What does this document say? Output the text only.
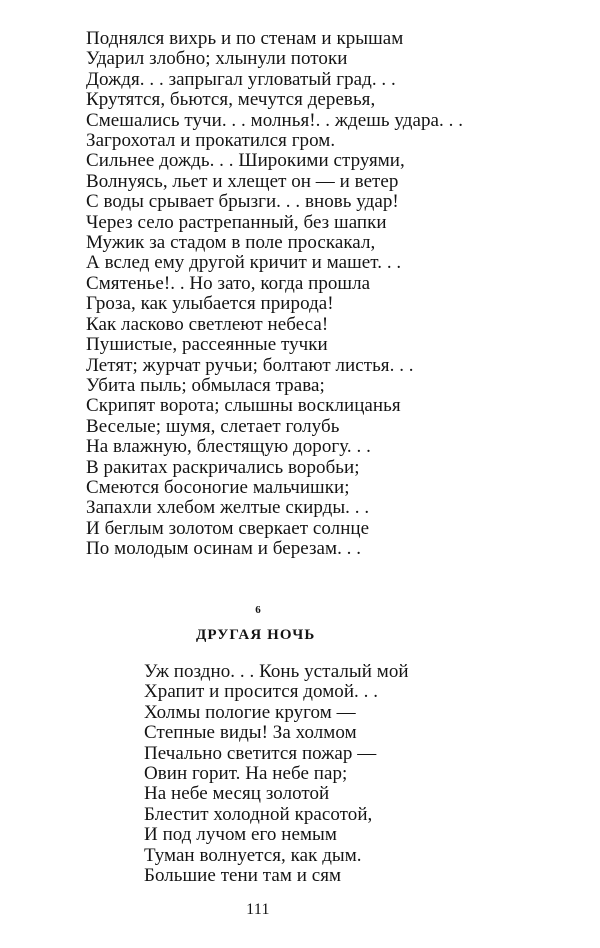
Поднялся вихрь и по стенам и крышам
Ударил злобно; хлынули потоки
Дождя. . . запрыгал угловатый град. . .
Крутятся, бьются, мечутся деревья,
Смешались тучи. . . молнья!. . ждешь удара. . .
Загрохотал и прокатился гром.
Сильнее дождь. . . Широкими струями,
Волнуясь, льет и хлещет он — и ветер
С воды срывает брызги. . . вновь удар!
Через село растрепанный, без шапки
Мужик за стадом в поле проскакал,
А вслед ему другой кричит и машет. . .
Смятенье!. . Но зато, когда прошла
Гроза, как улыбается природа!
Как ласково светлеют небеса!
Пушистые, рассеянные тучки
Летят; журчат ручьи; болтают листья. . .
Убита пыль; обмылася трава;
Скрипят ворота; слышны восклицанья
Веселые; шумя, слетает голубь
На влажную, блестящую дорогу. . .
В ракитах раскричались воробьи;
Смеются босоногие мальчишки;
Запахли хлебом желтые скирды. . .
И беглым золотом сверкает солнце
По молодым осинам и березам. . .
6
ДРУГАЯ НОЧЬ
Уж поздно. . . Конь усталый мой
Храпит и просится домой. . .
Холмы пологие кругом —
Степные виды! За холмом
Печально светится пожар —
Овин горит. На небе пар;
На небе месяц золотой
Блестит холодной красотой,
И под лучом его немым
Туман волнуется, как дым.
Большие тени там и сям
111
